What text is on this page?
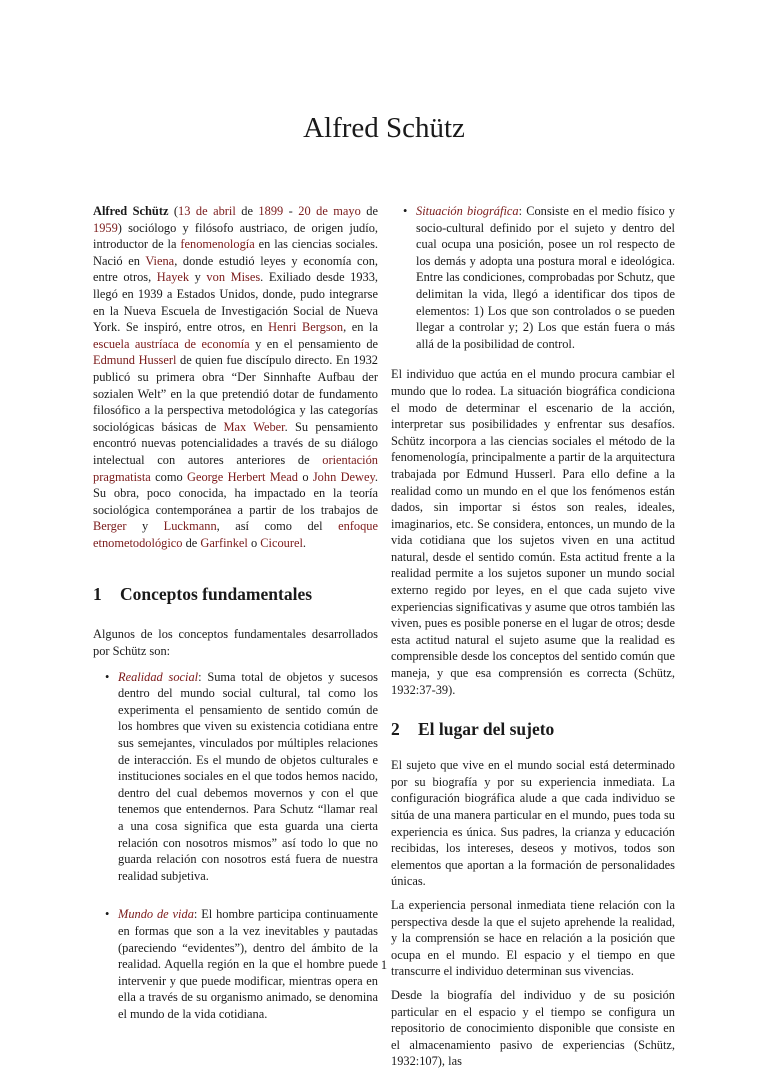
Alfred Schütz

Alfred Schütz (13 de abril de 1899 - 20 de mayo de 1959) sociólogo y filósofo austriaco, de origen judío, introductor de la fenomenología en las ciencias sociales. Nació en Viena, donde estudió leyes y economía con, entre otros, Hayek y von Mises. Exiliado desde 1933, llegó en 1939 a Estados Unidos, donde, pudo integrarse en la Nueva Escuela de Investigación Social de Nueva York. Se inspiró, entre otros, en Henri Bergson, en la escuela austríaca de economía y en el pensamiento de Edmund Husserl de quien fue discípulo directo. En 1932 publicó su primera obra “Der Sinnhafte Aufbau der sozialen Welt” en la que pretendió dotar de fundamento filosófico a la perspectiva metodológica y las categorías sociológicas básicas de Max Weber. Su pensamiento encontró nuevas potencialidades a través de su diálogo intelectual con autores anteriores de orientación pragmatista como George Herbert Mead o John Dewey. Su obra, poco conocida, ha impactado en la teoría sociológica contemporánea a partir de los trabajos de Berger y Luckmann, así como del enfoque etnometodológico de Garfinkel o Cicourel.

1 Conceptos fundamentales

Algunos de los conceptos fundamentales desarrollados por Schütz son:

• Realidad social: Suma total de objetos y sucesos dentro del mundo social cultural, tal como los experimenta el pensamiento de sentido común de los hombres que viven su existencia cotidiana entre sus semejantes, vinculados por múltiples relaciones de interacción. Es el mundo de objetos culturales e instituciones sociales en el que todos hemos nacido, dentro del cual debemos movernos y con el que tenemos que entendernos. Para Schutz “llamar real a una cosa significa que esta guarda una cierta relación con nosotros mismos” así todo lo que no guarda relación con nosotros está fuera de nuestra realidad subjetiva.
• Mundo de vida: El hombre participa continuamente en formas que son a la vez inevitables y pautadas (pareciendo “evidentes”), dentro del ámbito de la realidad. Aquella región en la que el hombre puede intervenir y que puede modificar, mientras opera en ella a través de su organismo animado, se denomina el mundo de la vida cotidiana.
• Situación biográfica: Consiste en el medio físico y socio-cultural definido por el sujeto y dentro del cual ocupa una posición, posee un rol respecto de los demás y adopta una postura moral e ideológica. Entre las condiciones, comprobadas por Schutz, que delimitan la vida, llegó a identificar dos tipos de elementos: 1) Los que son controlados o se pueden llegar a controlar y; 2) Los que están fuera o más allá de la posibilidad de control.

El individuo que actúa en el mundo procura cambiar el mundo que lo rodea. La situación biográfica condiciona el modo de determinar el escenario de la acción, interpretar sus posibilidades y enfrentar sus desafíos. Schütz incorpora a las ciencias sociales el método de la fenomenología, principalmente a partir de la arquitectura trabajada por Edmund Husserl. Para ello define a la realidad como un mundo en el que los fenómenos están dados, sin importar si éstos son reales, ideales, imaginarios, etc. Se considera, entonces, un mundo de la vida cotidiana que los sujetos viven en una actitud natural, desde el sentido común. Esta actitud frente a la realidad permite a los sujetos suponer un mundo social externo regido por leyes, en el que cada sujeto vive experiencias significativas y asume que otros también las viven, pues es posible ponerse en el lugar de otros; desde esta actitud natural el sujeto asume que la realidad es comprensible desde los conceptos del sentido común que maneja, y que esa comprensión es correcta (Schütz, 1932:37-39).

2 El lugar del sujeto

El sujeto que vive en el mundo social está determinado por su biografía y por su experiencia inmediata. La configuración biográfica alude a que cada individuo se sitúa de una manera particular en el mundo, pues toda su experiencia es única. Sus padres, la crianza y educación recibidas, los intereses, deseos y motivos, todos son elementos que aportan a la formación de personalidades únicas.

La experiencia personal inmediata tiene relación con la perspectiva desde la que el sujeto aprehende la realidad, y la comprensión se hace en relación a la posición que ocupa en el mundo. El espacio y el tiempo en que transcurre el individuo determinan sus vivencias.

Desde la biografía del individuo y de su posición particular en el espacio y el tiempo se configura un repositorio de conocimiento disponible que consiste en el almacenamiento pasivo de experiencias (Schütz, 1932:107), las

1
